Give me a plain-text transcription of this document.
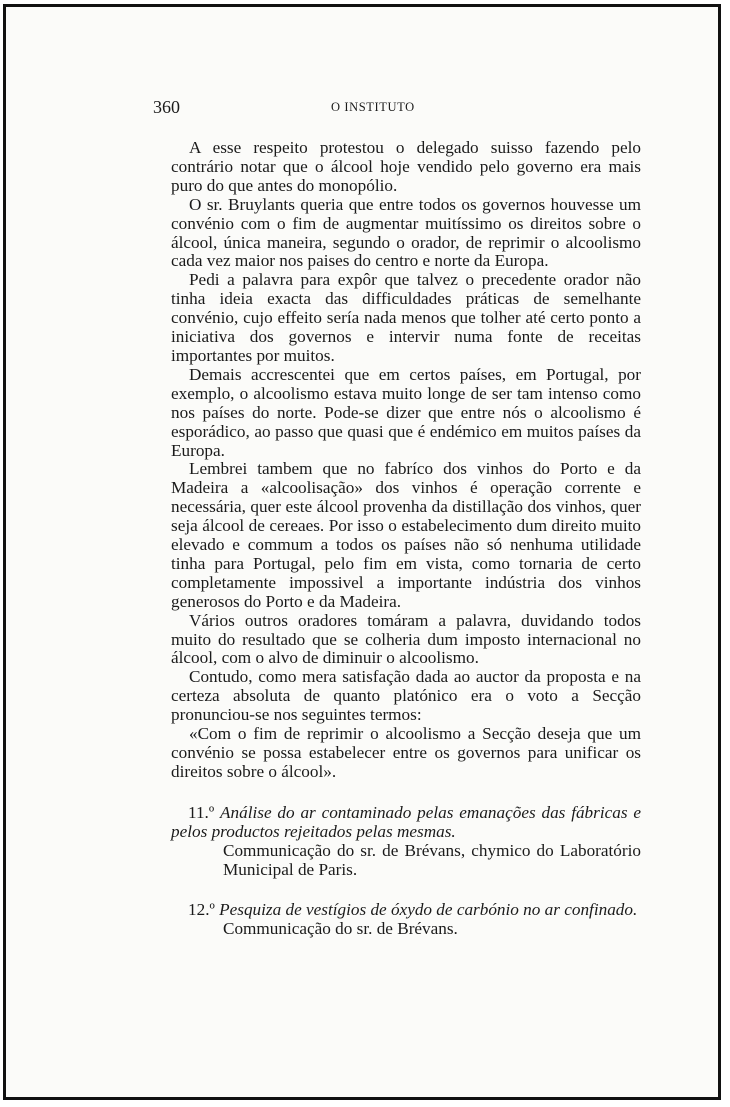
360	O INSTITUTO

A esse respeito protestou o delegado suisso fazendo pelo contrário notar que o álcool hoje vendido pelo governo era mais puro do que antes do monopólio.

O sr. Bruylants queria que entre todos os governos houvesse um convénio com o fim de augmentar muitíssimo os direitos sobre o álcool, única maneira, segundo o orador, de reprimir o alcoolismo cada vez maior nos paises do centro e norte da Europa.

Pedi a palavra para expôr que talvez o precedente orador não tinha ideia exacta das difficuldades práticas de semelhante convénio, cujo effeito sería nada menos que tolher até certo ponto a iniciativa dos governos e intervir numa fonte de receitas importantes por muitos.

Demais accrescentei que em certos países, em Portugal, por exemplo, o alcoolismo estava muito longe de ser tam intenso como nos países do norte. Pode-se dizer que entre nós o alcoolismo é esporádico, ao passo que quasi que é endémico em muitos países da Europa.

Lembrei tambem que no fabríco dos vinhos do Porto e da Madeira a «alcoolisação» dos vinhos é operação corrente e necessária, quer este álcool provenha da distillação dos vinhos, quer seja álcool de cereaes. Por isso o estabelecimento dum direito muito elevado e commum a todos os países não só nenhuma utilidade tinha para Portugal, pelo fim em vista, como tornaria de certo completamente impossivel a importante indústria dos vinhos generosos do Porto e da Madeira.

Vários outros oradores tomáram a palavra, duvidando todos muito do resultado que se colheria dum imposto internacional no álcool, com o alvo de diminuir o alcoolismo.

Contudo, como mera satisfação dada ao auctor da proposta e na certeza absoluta de quanto platónico era o voto a Secção pronunciou-se nos seguintes termos:

«Com o fim de reprimir o alcoolismo a Secção deseja que um convénio se possa estabelecer entre os governos para unificar os direitos sobre o álcool».

11.º Análise do ar contaminado pelas emanações das fábricas e pelos productos rejeitados pelas mesmas.

Communicação do sr. de Brévans, chymico do Laboratório Municipal de Paris.

12.º Pesquiza de vestígios de óxydo de carbónio no ar confinado.

Communicação do sr. de Brévans.
